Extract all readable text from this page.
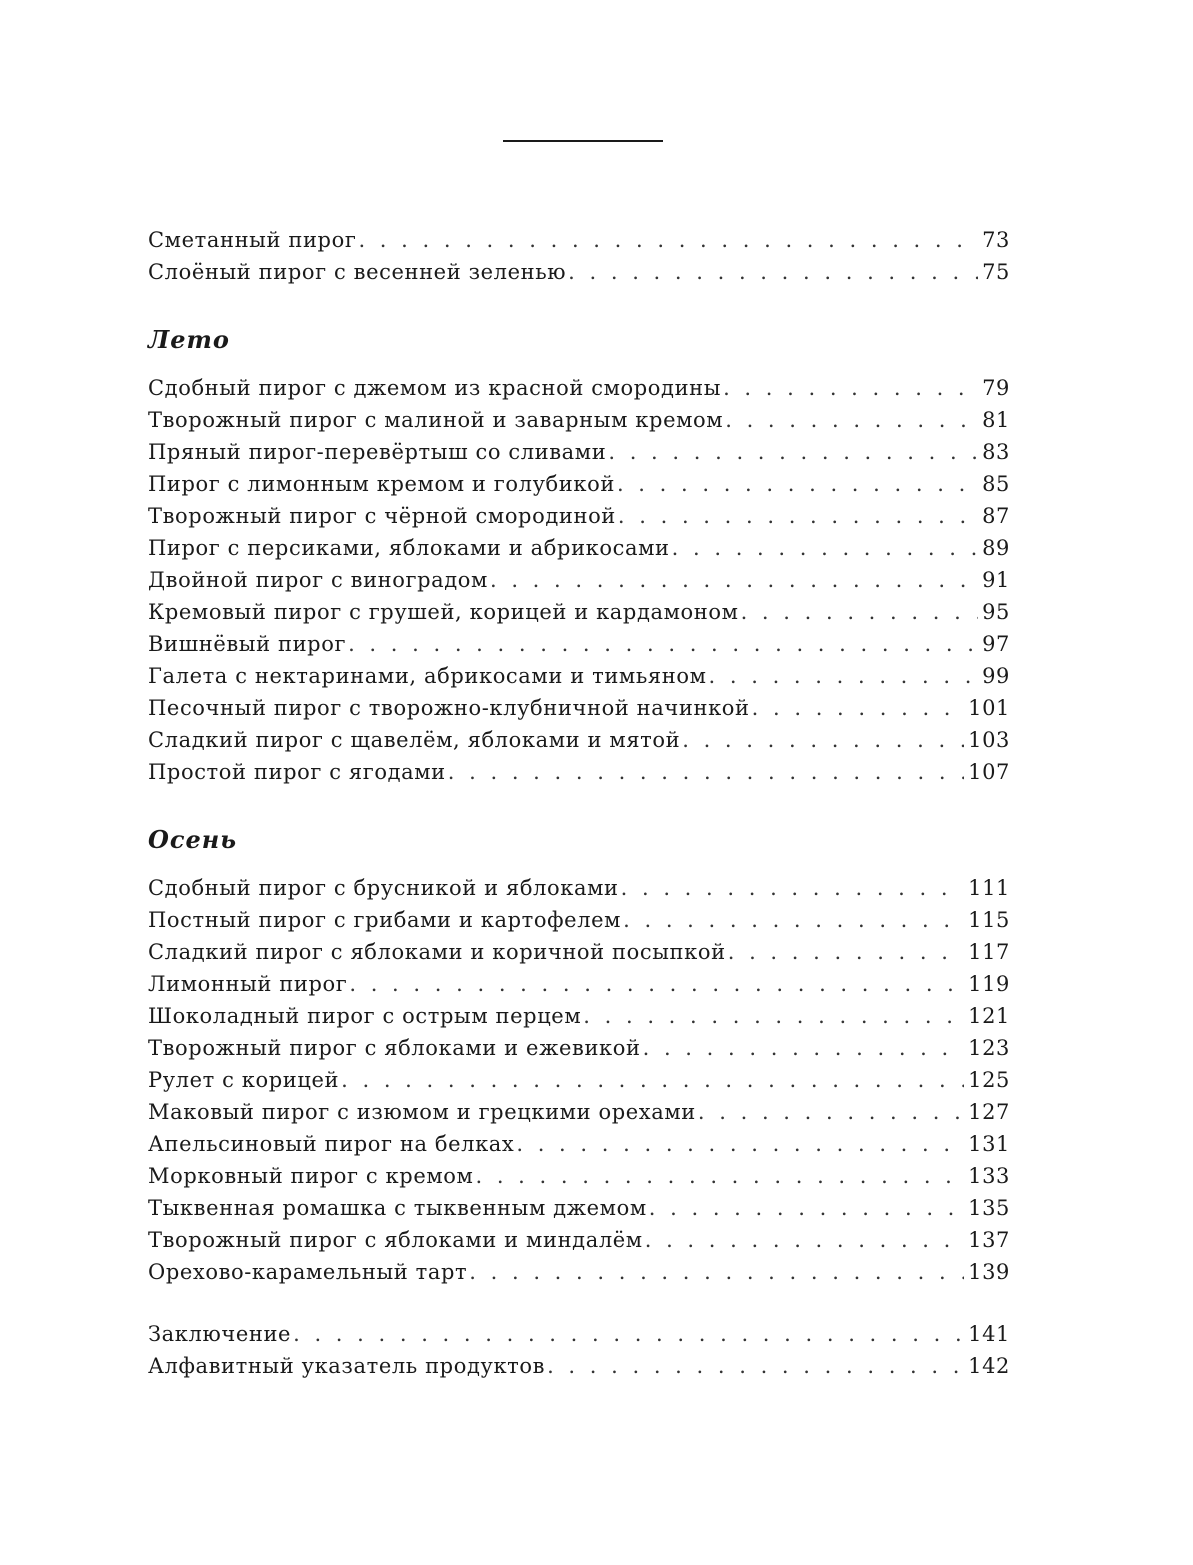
Сметанный пирог . . .	73
Слоёный пирог с весенней зеленью . . .	75
Лето
Сдобный пирог с джемом из красной смородины . . .	79
Творожный пирог с малиной и заварным кремом . . .	81
Пряный пирог-перевёртыш со сливами . . .	83
Пирог с лимонным кремом и голубикой . . .	85
Творожный пирог с чёрной смородиной . . .	87
Пирог с персиками, яблоками и абрикосами . . .	89
Двойной пирог с виноградом . . .	91
Кремовый пирог с грушей, корицей и кардамоном . . .	95
Вишнёвый пирог . . .	97
Галета с нектаринами, абрикосами и тимьяном . . .	99
Песочный пирог с творожно-клубничной начинкой . . .	101
Сладкий пирог с щавелём, яблоками и мятой . . .	103
Простой пирог с ягодами . . .	107
Осень
Сдобный пирог с брусникой и яблоками . . .	111
Постный пирог с грибами и картофелем . . .	115
Сладкий пирог с яблоками и коричной посыпкой . . .	117
Лимонный пирог . . .	119
Шоколадный пирог с острым перцем . . .	121
Творожный пирог с яблоками и ежевикой . . .	123
Рулет с корицей . . .	125
Маковый пирог с изюмом и грецкими орехами . . .	127
Апельсиновый пирог на белках . . .	131
Морковный пирог с кремом . . .	133
Тыквенная ромашка с тыквенным джемом . . .	135
Творожный пирог с яблоками и миндалём . . .	137
Орехово-карамельный тарт . . .	139
Заключение . . .	141
Алфавитный указатель продуктов . . .	142
